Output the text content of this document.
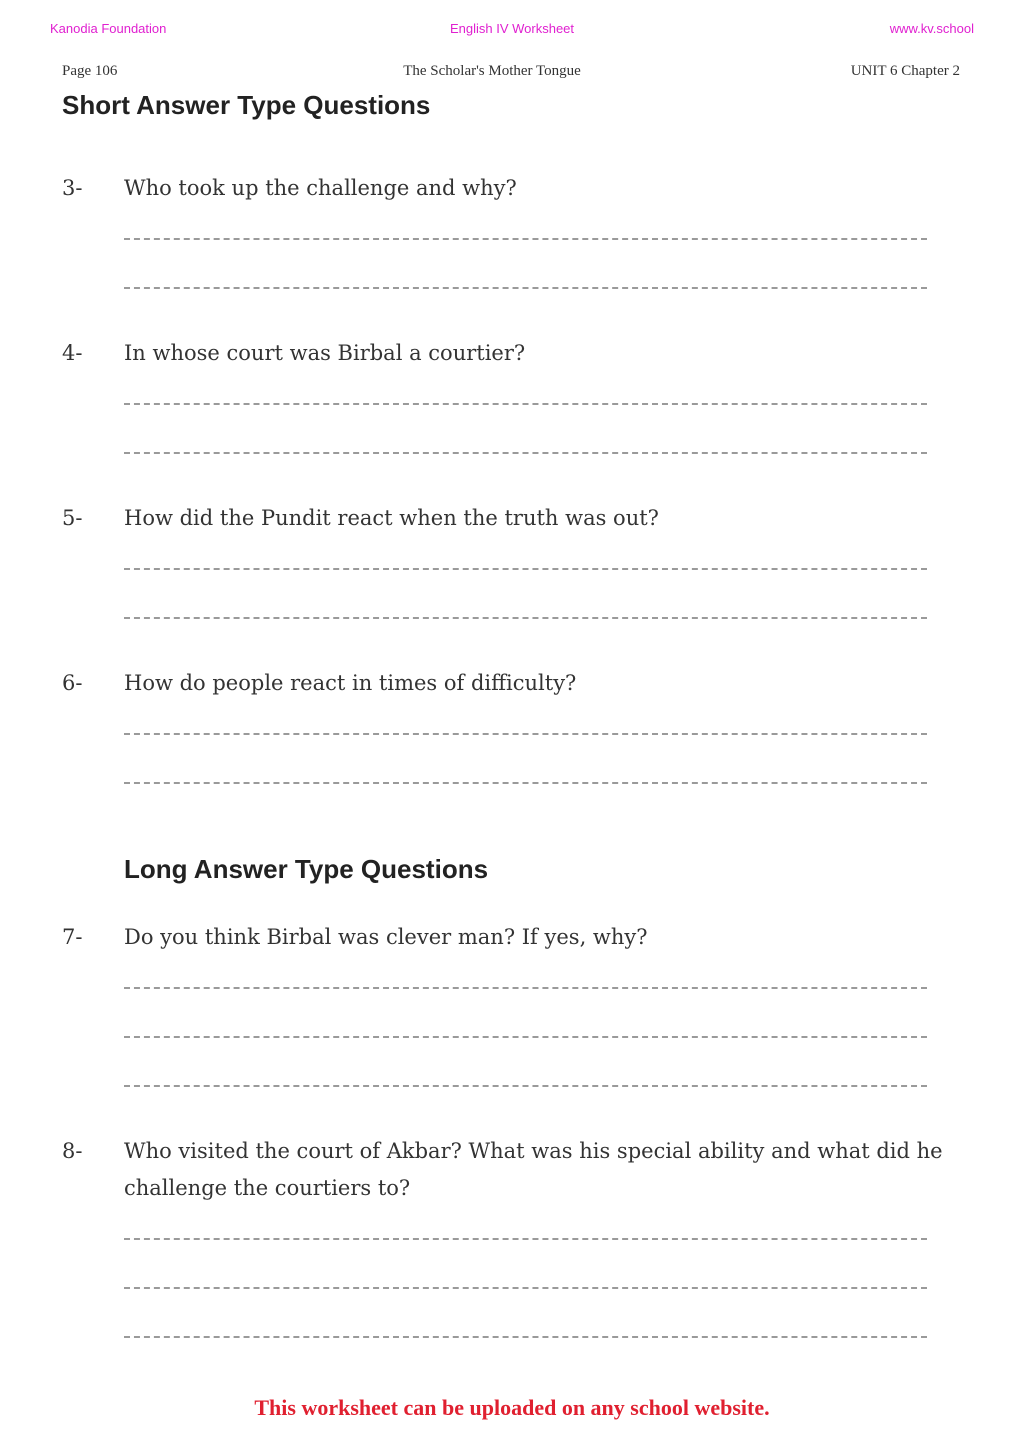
Kanodia Foundation	English IV Worksheet	www.kv.school
Page 106	The Scholar's Mother Tongue	UNIT 6 Chapter 2
Short Answer Type Questions
3- Who took up the challenge and why?
4- In whose court was Birbal a courtier?
5- How did the Pundit react when the truth was out?
6- How do people react in times of difficulty?
Long Answer Type Questions
7- Do you think Birbal was clever man? If yes, why?
8- Who visited the court of Akbar? What was his special ability and what did he challenge the courtiers to?
This worksheet can be uploaded on any school website.
